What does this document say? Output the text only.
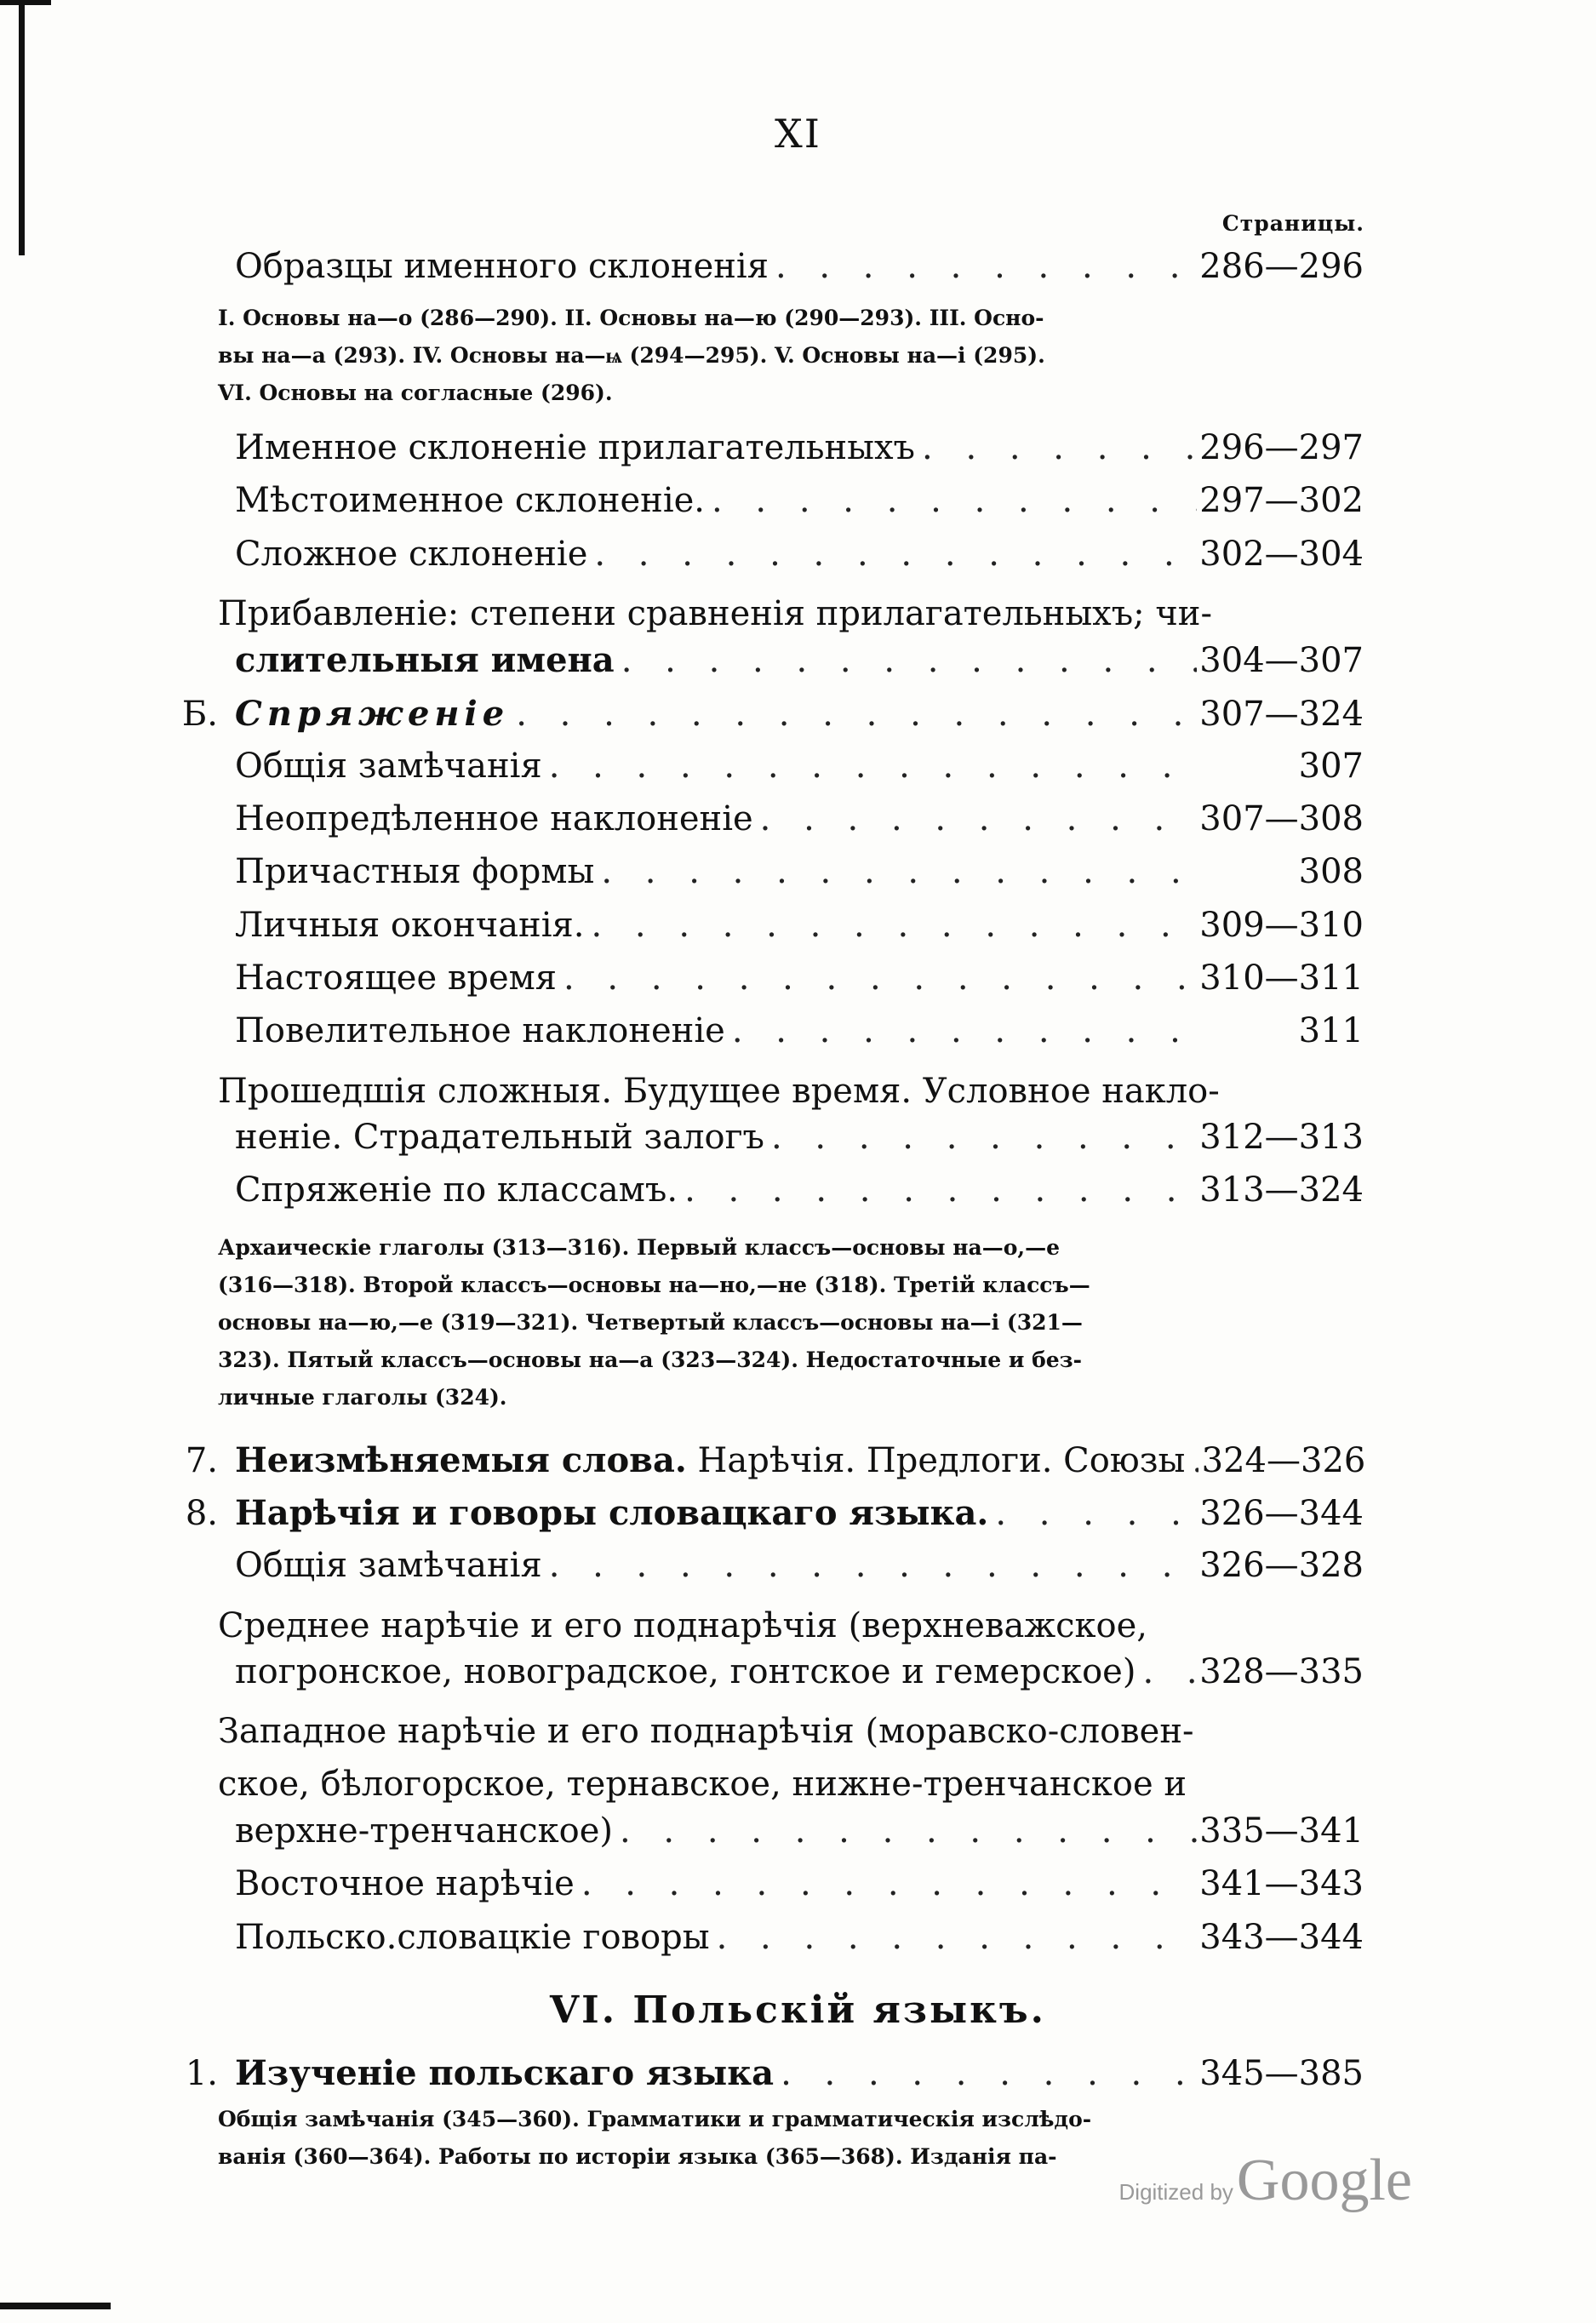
XI
Страницы.
Образцы именного склоненія . . .	286—296
I. Основы на—о (286—290). II. Основы на—ю (290—293). III. Осно-
вы на—а (293). IV. Основы на—ѩ (294—295). V. Основы на—і (295).
VI. Основы на согласные (296).
Именное склоненіе прилагательныхъ . . .	296—297
Мѣстоименное склоненіе. . . .	297—302
Сложное склоненіе . . .	302—304
Прибавленіе: степени сравненія прилагательныхъ; чи-
слительныя имена . . .	304—307
Б. Спряженіе . . .	307—324
Общія замѣчанія . . .	307
Неопредѣленное наклоненіе . . .	307—308
Причастныя формы . . .	308
Личныя окончанія. . . .	309—310
Настоящее время . . .	310—311
Повелительное наклоненіе . . .	311
Прошедшія сложныя. Будущее время. Условное накло-
неніе. Страдательный залогъ . . .	312—313
Спряженіе по классамъ. . . .	313—324
Архаическіе глаголы (313—316). Первый классъ—основы на—о,—е
(316—318). Второй классъ—основы на—но,—не (318). Третій классъ—
основы на—ю,—е (319—321). Четвертый классъ—основы на—і (321—
323). Пятый классъ—основы на—а (323—324). Недостаточные и без-
личные глаголы (324).
7. Неизмѣняемыя слова. Нарѣчія. Предлоги. Союзы . . . 324—326
8. Нарѣчія и говоры словацкаго языка. . . .	326—344
Общія замѣчанія . . .	326—328
Среднее нарѣчіе и его поднарѣчія (верхневажское,
погронское, новоградское, гонтское и гемерское) . . . 328—335
Западное нарѣчіе и его поднарѣчія (моравско-словен-
ское, бѣлогорское, тернавское, нижне-тренчанское и
верхне-тренчанское) . . .	335—341
Восточное нарѣчіе . . .	341—343
Польско.словацкіе говоры . . .	343—344
VI. Польскій языкъ.
1. Изученіе польскаго языка . . .	345—385
Общія замѣчанія (345—360). Грамматики и грамматическія изслѣдо-
ванія (360—364). Работы по исторіи языка (365—368). Изданія па-
Digitized by Google
